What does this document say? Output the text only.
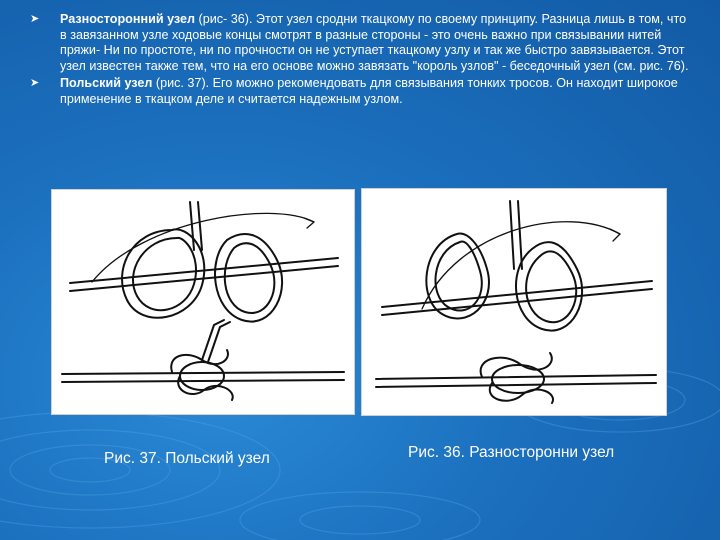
➤ Разносторонний узел (рис- 36). Этот узел сродни ткацкому по своему принципу. Разница лишь в том, что в завязанном узле ходовые концы смотрят в разные стороны - это очень важно при связывании нитей пряжи- Ни по простоте, ни по прочности он не уступает ткацкому узлу и так же быстро завязывается. Этот узел известен также тем, что на его основе можно завязать "король узлов" - беседочный узел (см. рис. 76).
➤ Польский узел (рис. 37). Его можно рекомендовать для связывания тонких тросов. Он находит широкое применение в ткацком деле и считается надежным узлом.
Рис. 37. Польский узел	Рис. 36. Разносторонни узел
